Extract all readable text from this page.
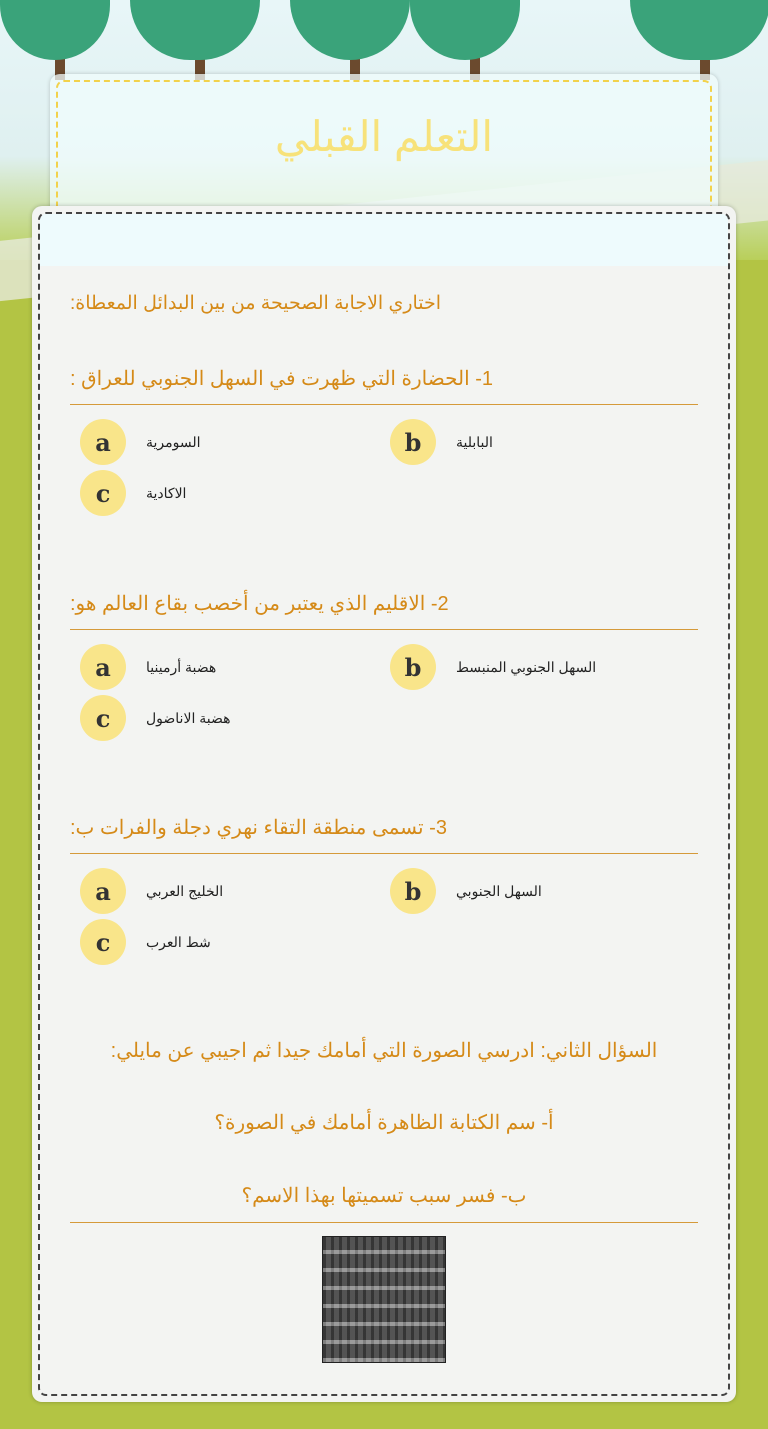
التعلم القبلي
اختاري الاجابة الصحيحة من بين البدائل المعطاة:
1- الحضارة التي ظهرت في السهل الجنوبي للعراق :
a	السومرية	b	البابلية
c	الاكادية
2- الاقليم الذي يعتبر من أخصب بقاع العالم هو:
a	هضبة أرمينيا	b	السهل الجنوبي المنبسط
c	هضبة الاناضول
3- تسمى منطقة التقاء نهري دجلة والفرات ب:
a	الخليج العربي	b	السهل الجنوبي
c	شط العرب
السؤال الثاني: ادرسي الصورة التي أمامك جيدا ثم اجيبي عن مايلي:
أ- سم الكتابة الظاهرة أمامك في الصورة؟
ب- فسر سبب تسميتها بهذا الاسم؟
